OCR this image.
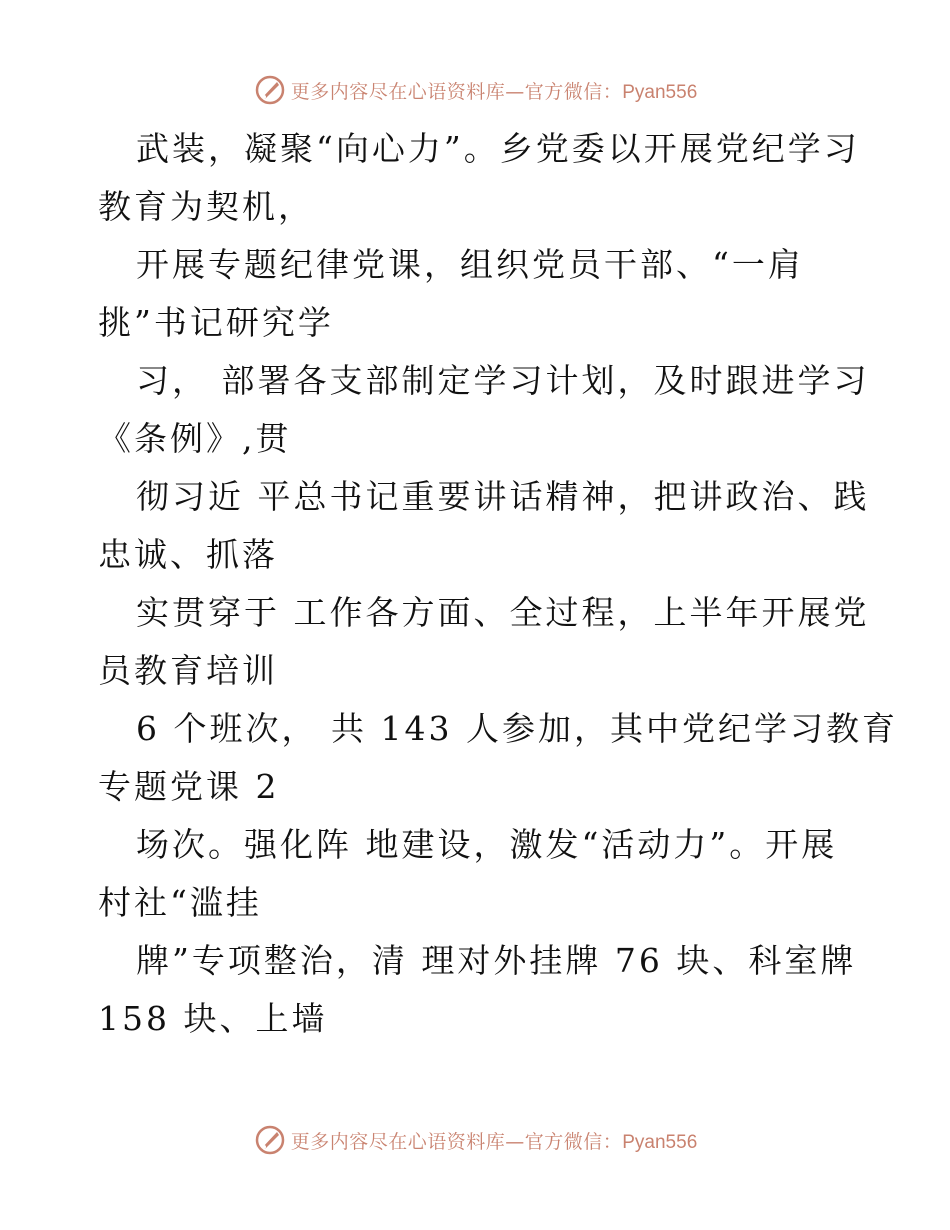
更多内容尽在心语资料库—官方微信：Pyan556
武装，凝聚“向心力”。乡党委以开展党纪学习
教育为契机，
开展专题纪律党课，组织党员干部、“一肩
挑”书记研究学
习， 部署各支部制定学习计划，及时跟进学习
《条例》,贯
彻习近 平总书记重要讲话精神，把讲政治、践
忠诚、抓落
实贯穿于 工作各方面、全过程，上半年开展党
员教育培训
6 个班次， 共 143 人参加，其中党纪学习教育
专题党课 2
场次。强化阵 地建设，激发“活动力”。开展
村社“滥挂
牌”专项整治，清 理对外挂牌 76 块、科室牌
158 块、上墙
更多内容尽在心语资料库—官方微信：Pyan556
